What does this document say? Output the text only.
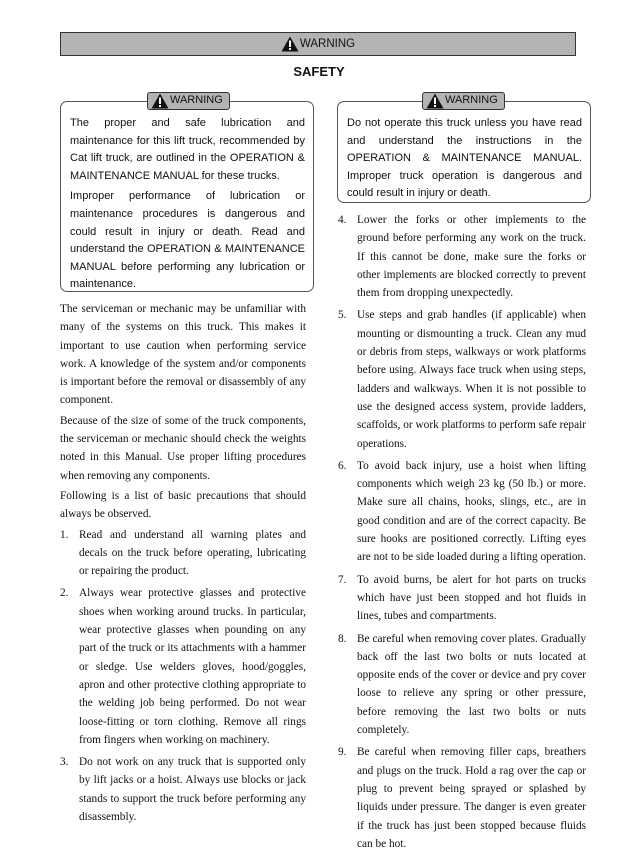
WARNING
SAFETY
WARNING

The proper and safe lubrication and maintenance for this lift truck, recommended by Cat lift truck, are outlined in the OPERATION & MAINTENANCE MANUAL for these trucks.

Improper performance of lubrication or maintenance procedures is dangerous and could result in injury or death. Read and understand the OPERATION & MAINTENANCE MANUAL before performing any lubrication or maintenance.

WARNING

Do not operate this truck unless you have read and understand the instructions in the OPERATION & MAINTENANCE MANUAL. Improper truck operation is dangerous and could result in injury or death.

The serviceman or mechanic may be unfamiliar with many of the systems on this truck. This makes it important to use caution when performing service work. A knowledge of the system and/or components is important before the removal or disassembly of any component.

Because of the size of some of the truck components, the serviceman or mechanic should check the weights noted in this Manual. Use proper lifting procedures when removing any components.

Following is a list of basic precautions that should always be observed.

1. Read and understand all warning plates and decals on the truck before operating, lubricating or repairing the product.
2. Always wear protective glasses and protective shoes when working around trucks. In particular, wear protective glasses when pounding on any part of the truck or its attachments with a hammer or sledge. Use welders gloves, hood/goggles, apron and other protective clothing appropriate to the welding job being performed. Do not wear loose-fitting or torn clothing. Remove all rings from fingers when working on machinery.
3. Do not work on any truck that is supported only by lift jacks or a hoist. Always use blocks or jack stands to support the truck before performing any disassembly.
4. Lower the forks or other implements to the ground before performing any work on the truck. If this cannot be done, make sure the forks or other implements are blocked correctly to prevent them from dropping unexpectedly.
5. Use steps and grab handles (if applicable) when mounting or dismounting a truck. Clean any mud or debris from steps, walkways or work platforms before using. Always face truck when using steps, ladders and walkways. When it is not possible to use the designed access system, provide ladders, scaffolds, or work platforms to perform safe repair operations.
6. To avoid back injury, use a hoist when lifting components which weigh 23 kg (50 lb.) or more. Make sure all chains, hooks, slings, etc., are in good condition and are of the correct capacity. Be sure hooks are positioned correctly. Lifting eyes are not to be side loaded during a lifting operation.
7. To avoid burns, be alert for hot parts on trucks which have just been stopped and hot fluids in lines, tubes and compartments.
8. Be careful when removing cover plates. Gradually back off the last two bolts or nuts located at opposite ends of the cover or device and pry cover loose to relieve any spring or other pressure, before removing the last two bolts or nuts completely.
9. Be careful when removing filler caps, breathers and plugs on the truck. Hold a rag over the cap or plug to prevent being sprayed or splashed by liquids under pressure. The danger is even greater if the truck has just been stopped because fluids can be hot.
